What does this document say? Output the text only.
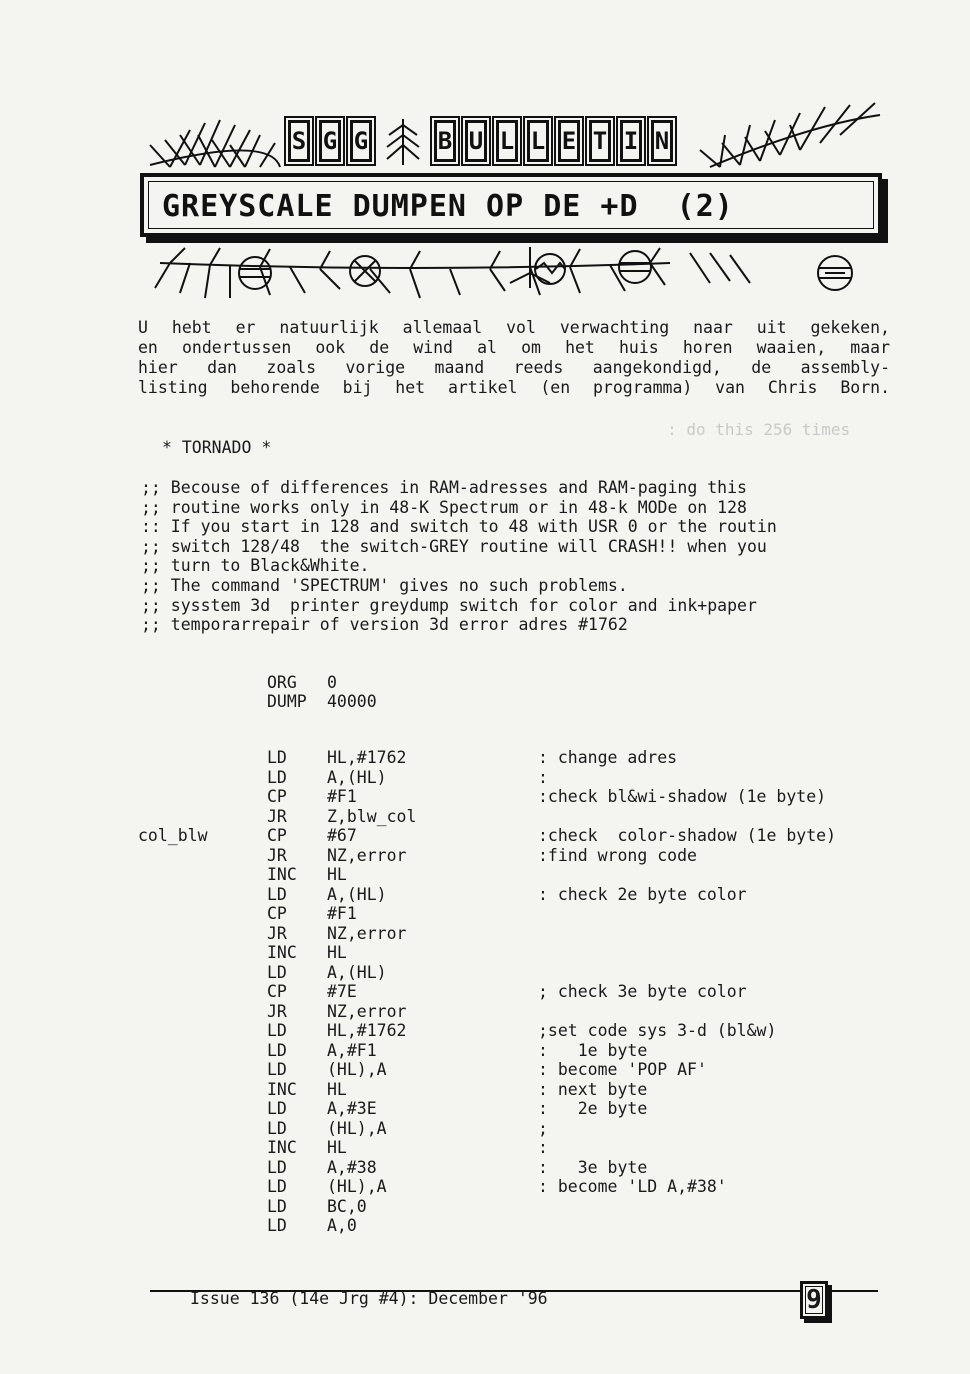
: do this 256 times
S G G	B U L L E T I N
GREYSCALE DUMPEN OP DE +D  (2)
U hebt er natuurlijk allemaal vol verwachting naar uit gekeken,
en ondertussen ook de wind al om het huis horen waaien, maar
hier dan zoals vorige maand reeds aangekondigd, de assembly-
listing behorende bij het artikel (en programma) van Chris Born.
* TORNADO *
;; Becouse of differences in RAM-adresses and RAM-paging this
;; routine works only in 48-K Spectrum or in 48-k MODe on 128
:: If you start in 128 and switch to 48 with USR 0 or the routin
;; switch 128/48  the switch-GREY routine will CRASH!! when you
;; turn to Black&White.
;; The command 'SPECTRUM' gives no such problems.
;; sysstem 3d  printer greydump switch for color and ink+paper
;; temporarrepair of version 3d error adres #1762
ORG 0
DUMP 40000
LD HL,#1762	: change adres
LD A,(HL)	:
CP #F1	:check bl&wi-shadow (1e byte)
JR Z,blw_col
col_blw	CP #67	:check  color-shadow (1e byte)
JR NZ,error	:find wrong code
INC HL
LD A,(HL)	: check 2e byte color
CP #F1
JR NZ,error
INC HL
LD A,(HL)
CP #7E	; check 3e byte color
JR NZ,error
LD HL,#1762	;set code sys 3-d (bl&w)
LD A,#F1	:   1e byte
LD (HL),A	: become 'POP AF'
INC HL	: next byte
LD A,#3E	:   2e byte
LD (HL),A	;
INC HL	:
LD A,#38	:   3e byte
LD (HL),A	: become 'LD A,#38'
LD BC,0
LD A,0
Issue 136 (14e Jrg #4): December '96	9
